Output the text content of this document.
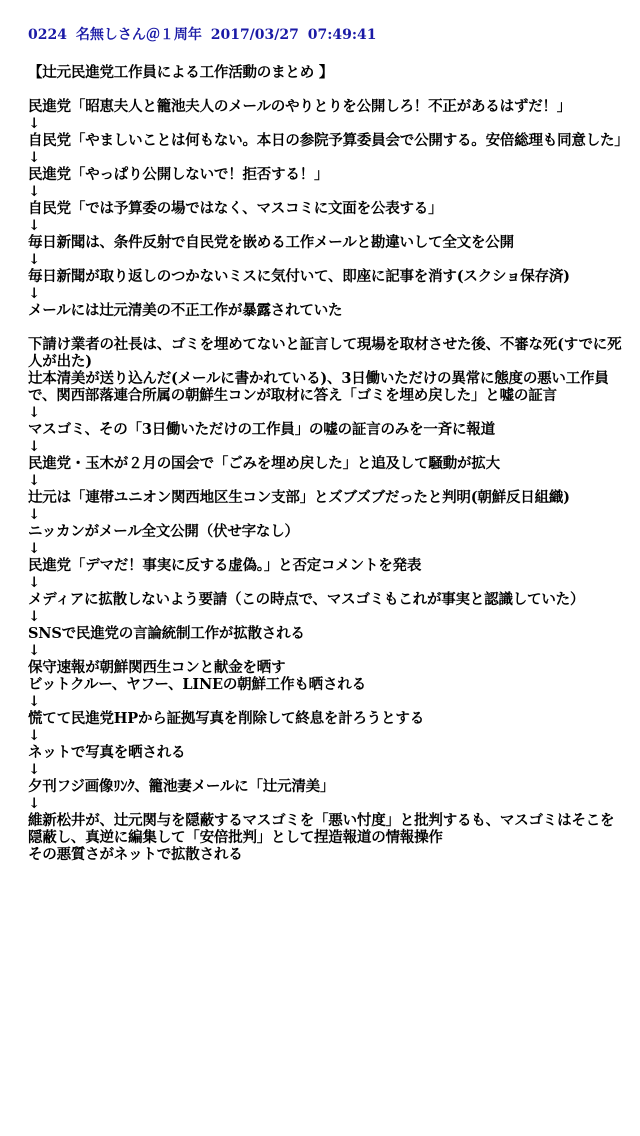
0224 名無しさん＠１周年 2017/03/27 07:49:41
【辻元民進党工作員による工作活動のまとめ 】
民進党「昭恵夫人と籠池夫人のメールのやりとりを公開しろ！不正があるはずだ！」
↓
自民党「やましいことは何もない。本日の参院予算委員会で公開する。安倍総理も同意した」
↓
民進党「やっぱり公開しないで！拒否する！」
↓
自民党「では予算委の場ではなく、マスコミに文面を公表する」
↓
毎日新聞は、条件反射で自民党を嵌める工作メールと勘違いして全文を公開
↓
毎日新聞が取り返しのつかないミスに気付いて、即座に記事を消す(スクショ保存済)
↓
メールには辻元清美の不正工作が暴露されていた
下請け業者の社長は、ゴミを埋めてないと証言して現場を取材させた後、不審な死(すでに死人が出た)
辻本清美が送り込んだ(メールに書かれている)、3日働いただけの異常に態度の悪い工作員で、関西部落連合所属の朝鮮生コンが取材に答え「ゴミを埋め戻した」と嘘の証言
↓
マスゴミ、その「3日働いただけの工作員」の嘘の証言のみを一斉に報道
↓
民進党・玉木が２月の国会で「ごみを埋め戻した」と追及して騒動が拡大
↓
辻元は「連帯ユニオン関西地区生コン支部」とズブズブだったと判明(朝鮮反日組織)
↓
ニッカンがメール全文公開（伏せ字なし）
↓
民進党「デマだ！事実に反する虚偽。」と否定コメントを発表
↓
メディアに拡散しないよう要請（この時点で、マスゴミもこれが事実と認識していた）
↓
SNSで民進党の言論統制工作が拡散される
↓
保守速報が朝鮮関西生コンと献金を晒す
ビットクルー、ヤフー、LINEの朝鮮工作も晒される
↓
慌てて民進党HPから証拠写真を削除して終息を計ろうとする
↓
ネットで写真を晒される
↓
夕刊フジ画像ﾘﾝｸ、籠池妻メールに「辻元清美」
↓
維新松井が、辻元関与を隠蔽するマスゴミを「悪い忖度」と批判するも、マスゴミはそこを隠蔽し、真逆に編集して「安倍批判」として捏造報道の情報操作
その悪質さがネットで拡散される
